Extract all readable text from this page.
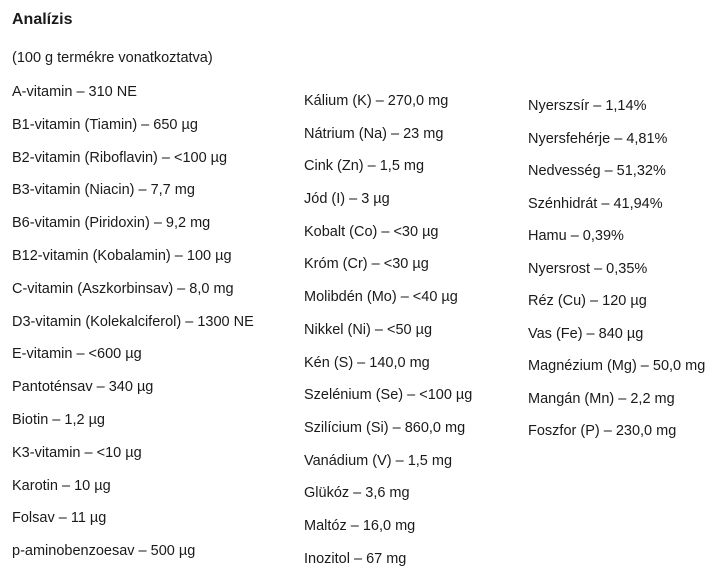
Analízis
(100 g termékre vonatkoztatva)
A-vitamin – 310 NE
B1-vitamin (Tiamin) – 650 µg
B2-vitamin (Riboflavin) – <100 µg
B3-vitamin (Niacin) – 7,7 mg
B6-vitamin (Piridoxin) – 9,2 mg
B12-vitamin (Kobalamin) – 100 µg
C-vitamin (Aszkorbinsav) – 8,0 mg
D3-vitamin (Kolekalciferol) – 1300 NE
E-vitamin – <600 µg
Pantoténsav – 340 µg
Biotin – 1,2 µg
K3-vitamin – <10 µg
Karotin – 10 µg
Folsav – 11 µg
p-aminobenzoesav – 500 µg
Kálium (K) – 270,0 mg
Nátrium (Na) – 23 mg
Cink (Zn) – 1,5 mg
Jód (I) – 3 µg
Kobalt (Co) – <30 µg
Króm (Cr) – <30 µg
Molibdén (Mo) – <40 µg
Nikkel (Ni) – <50 µg
Kén (S) – 140,0 mg
Szelénium (Se) – <100 µg
Szilícium (Si) – 860,0 mg
Vanádium (V) – 1,5 mg
Glükóz – 3,6 mg
Maltóz – 16,0 mg
Inozitol – 67 mg
Nyerszsír – 1,14%
Nyersfehérje – 4,81%
Nedvesség – 51,32%
Szénhidrát – 41,94%
Hamu – 0,39%
Nyersrost – 0,35%
Réz (Cu) – 120 µg
Vas (Fe) – 840 µg
Magnézium (Mg) – 50,0 mg
Mangán (Mn) – 2,2 mg
Foszfor (P) – 230,0 mg
